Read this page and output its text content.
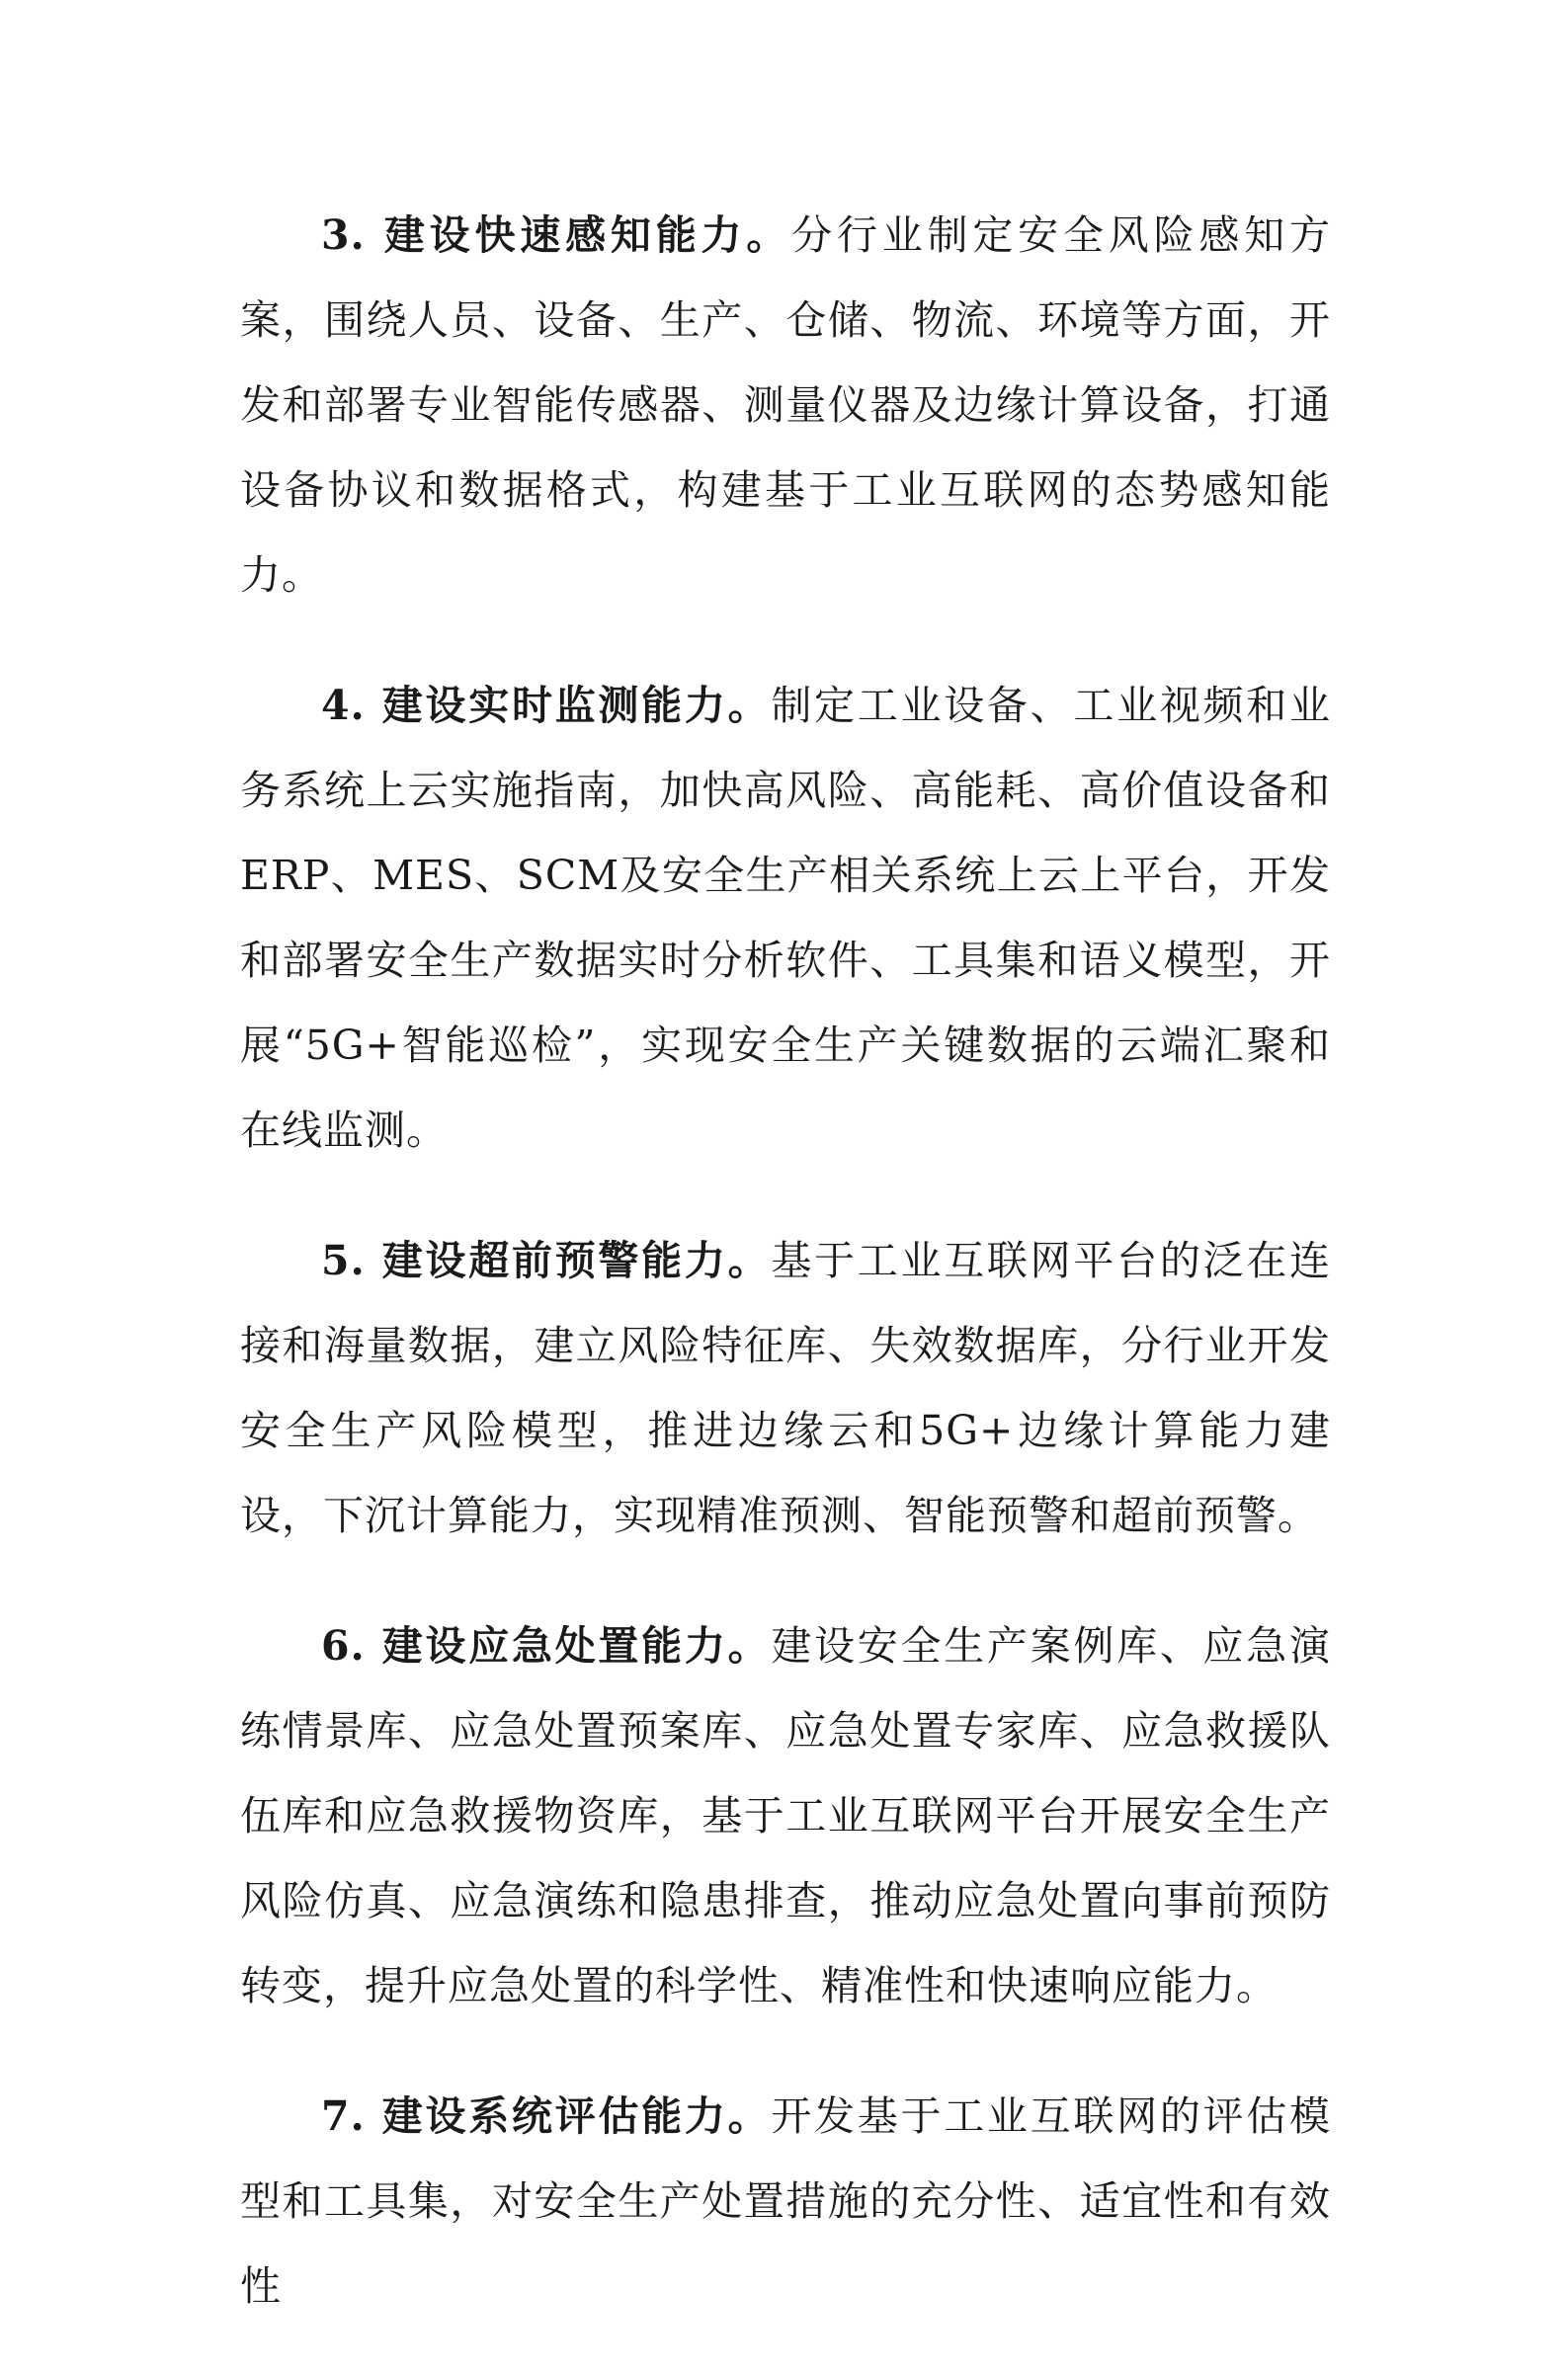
3. 建设快速感知能力。分行业制定安全风险感知方案，围绕人员、设备、生产、仓储、物流、环境等方面，开发和部署专业智能传感器、测量仪器及边缘计算设备，打通设备协议和数据格式，构建基于工业互联网的态势感知能力。

4. 建设实时监测能力。制定工业设备、工业视频和业务系统上云实施指南，加快高风险、高能耗、高价值设备和ERP、MES、SCM及安全生产相关系统上云上平台，开发和部署安全生产数据实时分析软件、工具集和语义模型，开展“5G+智能巡检”，实现安全生产关键数据的云端汇聚和在线监测。

5. 建设超前预警能力。基于工业互联网平台的泛在连接和海量数据，建立风险特征库、失效数据库，分行业开发安全生产风险模型，推进边缘云和5G+边缘计算能力建设，下沉计算能力，实现精准预测、智能预警和超前预警。

6. 建设应急处置能力。建设安全生产案例库、应急演练情景库、应急处置预案库、应急处置专家库、应急救援队伍库和应急救援物资库，基于工业互联网平台开展安全生产风险仿真、应急演练和隐患排查，推动应急处置向事前预防转变，提升应急处置的科学性、精准性和快速响应能力。

7. 建设系统评估能力。开发基于工业互联网的评估模型和工具集，对安全生产处置措施的充分性、适宜性和有效性
